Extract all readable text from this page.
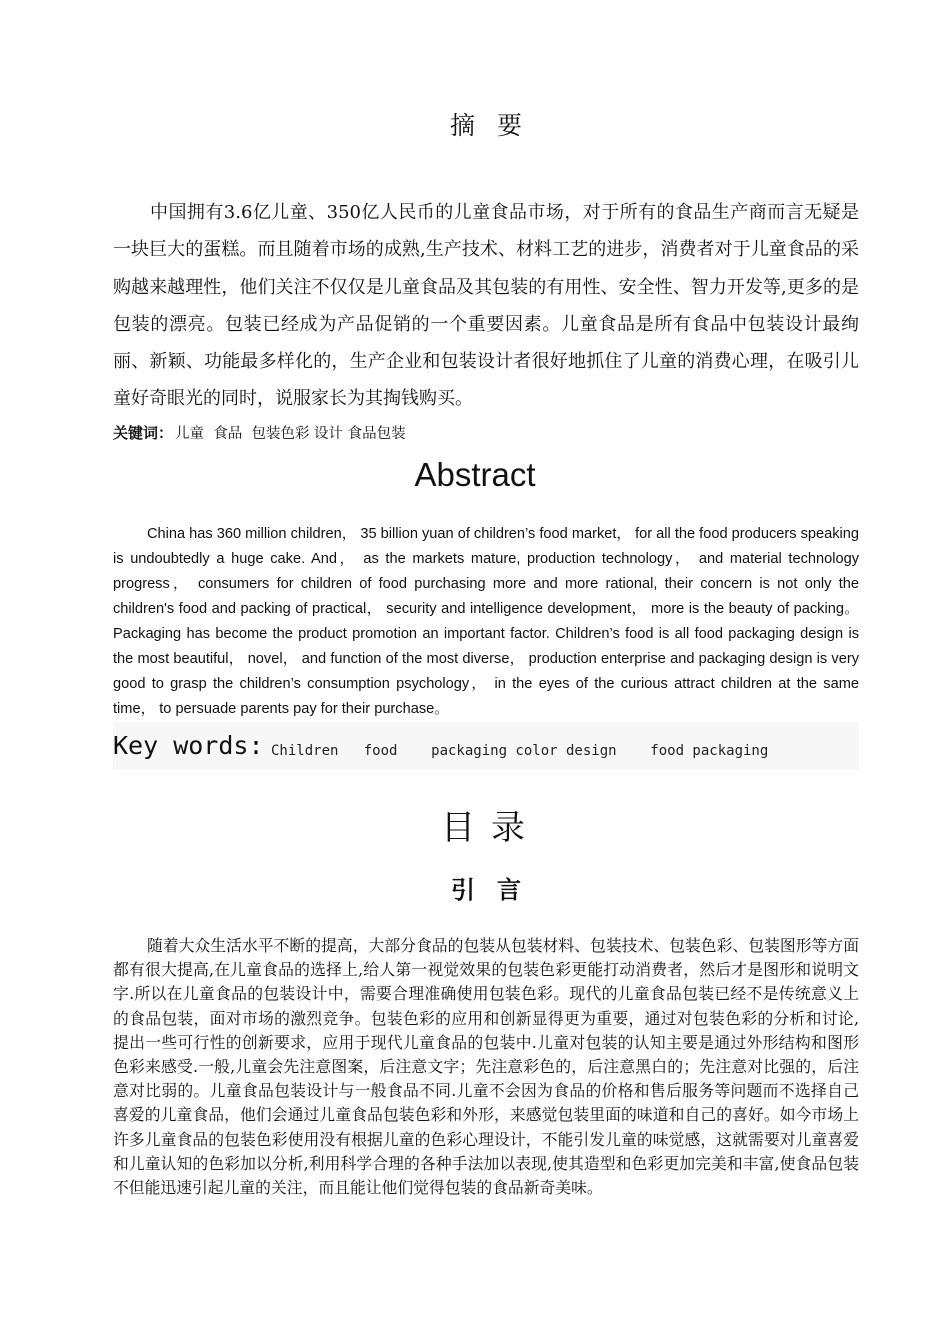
摘要
中国拥有3.6亿儿童、350亿人民币的儿童食品市场，对于所有的食品生产商而言无疑是一块巨大的蛋糕。而且随着市场的成熟,生产技术、材料工艺的进步，消费者对于儿童食品的采购越来越理性，他们关注不仅仅是儿童食品及其包装的有用性、安全性、智力开发等,更多的是包装的漂亮。包装已经成为产品促销的一个重要因素。儿童食品是所有食品中包装设计最绚丽、新颖、功能最多样化的，生产企业和包装设计者很好地抓住了儿童的消费心理，在吸引儿童好奇眼光的同时，说服家长为其掏钱购买。
关键词： 儿童  食品  包装色彩 设计 食品包装
Abstract
China has 360 million children， 35 billion yuan of children’s food market， for all the food producers speaking is undoubtedly a huge cake. And， as the markets mature, production technology， and material technology progress， consumers for children of food purchasing more and more rational, their concern is not only the children's food and packing of practical， security and intelligence development， more is the beauty of packing。 Packaging has become the product promotion an important factor. Children’s food is all food packaging design is the most beautiful， novel， and function of the most diverse， production enterprise and packaging design is very good to grasp the children’s consumption psychology， in the eyes of the curious attract children at the same time， to persuade parents pay for their purchase。
Key words: Children   food    packaging color design    food packaging
目录
引言
随着大众生活水平不断的提高，大部分食品的包装从包装材料、包装技术、包装色彩、包装图形等方面都有很大提高,在儿童食品的选择上,给人第一视觉效果的包装色彩更能打动消费者，然后才是图形和说明文字.所以在儿童食品的包装设计中，需要合理准确使用包装色彩。现代的儿童食品包装已经不是传统意义上的食品包装，面对市场的激烈竞争。包装色彩的应用和创新显得更为重要，通过对包装色彩的分析和讨论,提出一些可行性的创新要求，应用于现代儿童食品的包装中.儿童对包装的认知主要是通过外形结构和图形色彩来感受.一般,儿童会先注意图案，后注意文字；先注意彩色的，后注意黑白的；先注意对比强的，后注意对比弱的。儿童食品包装设计与一般食品不同.儿童不会因为食品的价格和售后服务等问题而不选择自己喜爱的儿童食品，他们会通过儿童食品包装色彩和外形，来感觉包装里面的味道和自己的喜好。如今市场上许多儿童食品的包装色彩使用没有根据儿童的色彩心理设计，不能引发儿童的味觉感，这就需要对儿童喜爱和儿童认知的色彩加以分析,利用科学合理的各种手法加以表现,使其造型和色彩更加完美和丰富,使食品包装不但能迅速引起儿童的关注，而且能让他们觉得包装的食品新奇美味。
